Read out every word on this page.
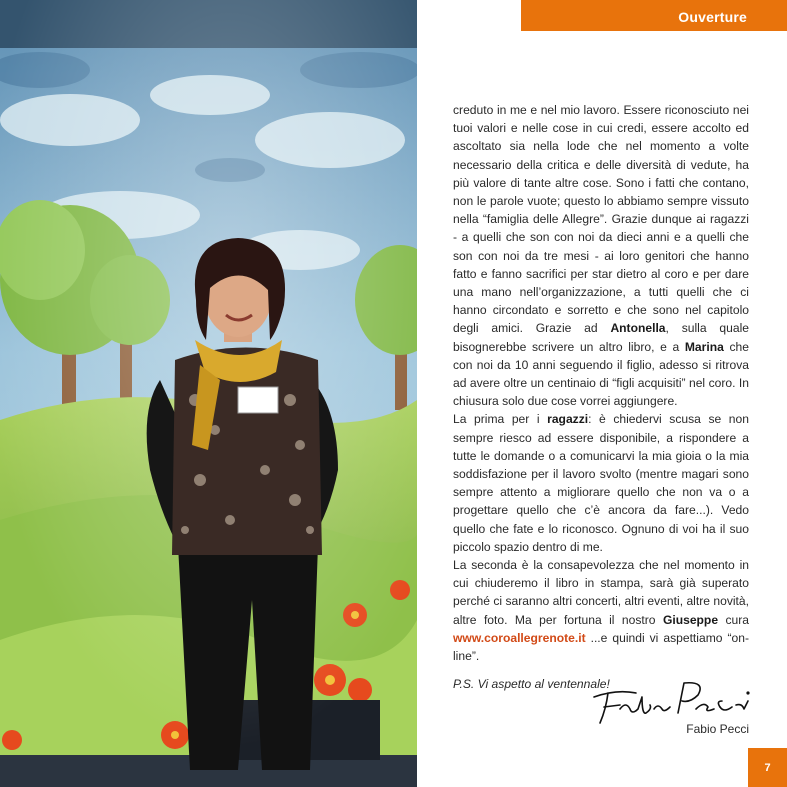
Ouverture

creduto in me e nel mio lavoro. Essere riconosciuto nei tuoi valori e nelle cose in cui credi, essere accolto ed ascoltato sia nella lode che nel momento a volte necessario della critica e delle diversità di vedute, ha più valore di tante altre cose. Sono i fatti che contano, non le parole vuote; questo lo abbiamo sempre vissuto nella “famiglia delle Allegre”. Grazie dunque ai ragazzi - a quelli che son con noi da dieci anni e a quelli che son con noi da tre mesi - ai loro genitori che hanno fatto e fanno sacrifici per star dietro al coro e per dare una mano nell’organizzazione, a tutti quelli che ci hanno circondato e sorretto e che sono nel capitolo degli amici. Grazie ad Antonella, sulla quale bisognerebbe scrivere un altro libro, e a Marina che con noi da 10 anni seguendo il figlio, adesso si ritrova ad avere oltre un centinaio di “figli acquisiti” nel coro. In chiusura solo due cose vorrei aggiungere.

La prima per i ragazzi: è chiedervi scusa se non sempre riesco ad essere disponibile, a rispondere a tutte le domande o a comunicarvi la mia gioia o la mia soddisfazione per il lavoro svolto (mentre magari sono sempre attento a migliorare quello che non va o a progettare quello che c’è ancora da fare...). Vedo quello che fate e lo riconosco. Ognuno di voi ha il suo piccolo spazio dentro di me.

La seconda è la consapevolezza che nel momento in cui chiuderemo il libro in stampa, sarà già superato perché ci saranno altri concerti, altri eventi, altre novità, altre foto. Ma per fortuna il nostro Giuseppe cura www.coroallegrenote.it ...e quindi vi aspettiamo “on-line”.

P.S. Vi aspetto al ventennale!

Fabio Pecci
7
